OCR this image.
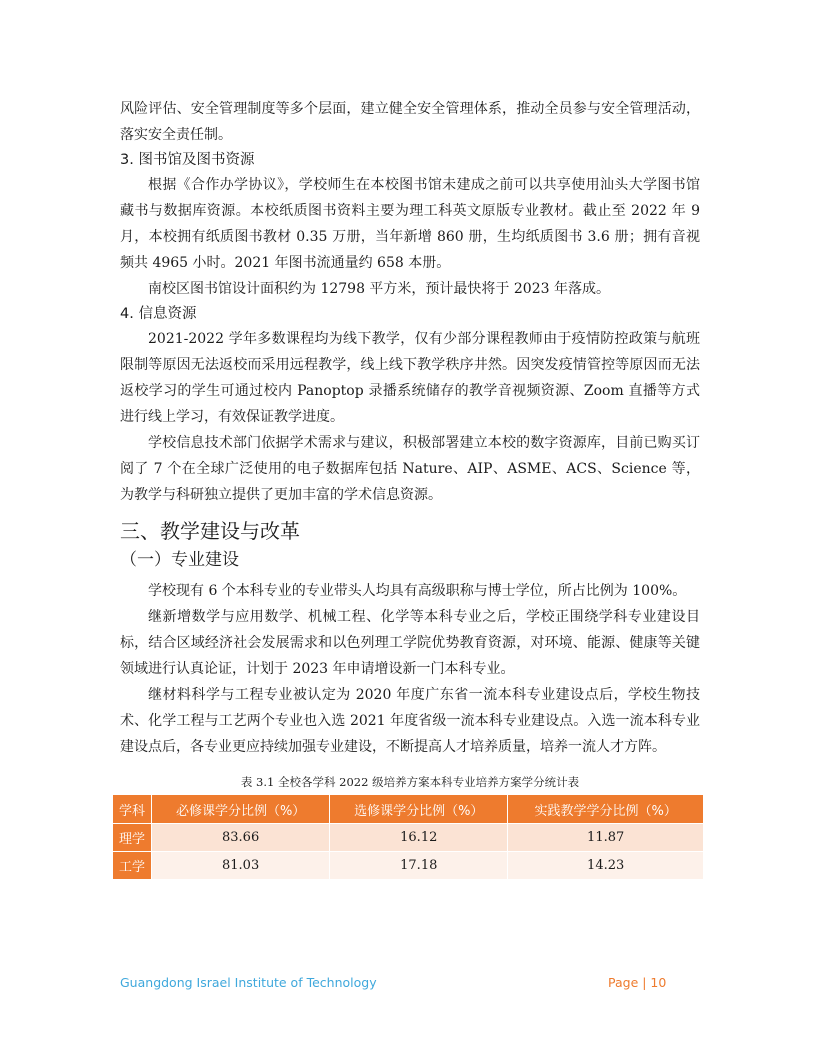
风险评估、安全管理制度等多个层面，建立健全安全管理体系，推动全员参与安全管理活动，落实安全责任制。

3. 图书馆及图书资源

根据《合作办学协议》，学校师生在本校图书馆未建成之前可以共享使用汕头大学图书馆藏书与数据库资源。本校纸质图书资料主要为理工科英文原版专业教材。截止至 2022 年 9 月，本校拥有纸质图书教材 0.35 万册，当年新增 860 册，生均纸质图书 3.6 册；拥有音视频共 4965 小时。2021 年图书流通量约 658 本册。

南校区图书馆设计面积约为 12798 平方米，预计最快将于 2023 年落成。

4. 信息资源

2021-2022 学年多数课程均为线下教学，仅有少部分课程教师由于疫情防控政策与航班限制等原因无法返校而采用远程教学，线上线下教学秩序井然。因突发疫情管控等原因而无法返校学习的学生可通过校内 Panoptop 录播系统储存的教学音视频资源、Zoom 直播等方式进行线上学习，有效保证教学进度。

学校信息技术部门依据学术需求与建议，积极部署建立本校的数字资源库，目前已购买订阅了 7 个在全球广泛使用的电子数据库包括 Nature、AIP、ASME、ACS、Science 等，为教学与科研独立提供了更加丰富的学术信息资源。

三、教学建设与改革
（一）专业建设

学校现有 6 个本科专业的专业带头人均具有高级职称与博士学位，所占比例为 100%。

继新增数学与应用数学、机械工程、化学等本科专业之后，学校正围绕学科专业建设目标，结合区域经济社会发展需求和以色列理工学院优势教育资源，对环境、能源、健康等关键领域进行认真论证，计划于 2023 年申请增设新一门本科专业。

继材料科学与工程专业被认定为 2020 年度广东省一流本科专业建设点后，学校生物技术、化学工程与工艺两个专业也入选 2021 年度省级一流本科专业建设点。入选一流本科专业建设点后，各专业更应持续加强专业建设，不断提高人才培养质量，培养一流人才方阵。

表 3.1 全校各学科 2022 级培养方案本科专业培养方案学分统计表
学科	必修课学分比例（%）	选修课学分比例（%）	实践教学学分比例（%）
理学	83.66	16.12	11.87
工学	81.03	17.18	14.23
Guangdong Israel Institute of Technology	Page | 10
